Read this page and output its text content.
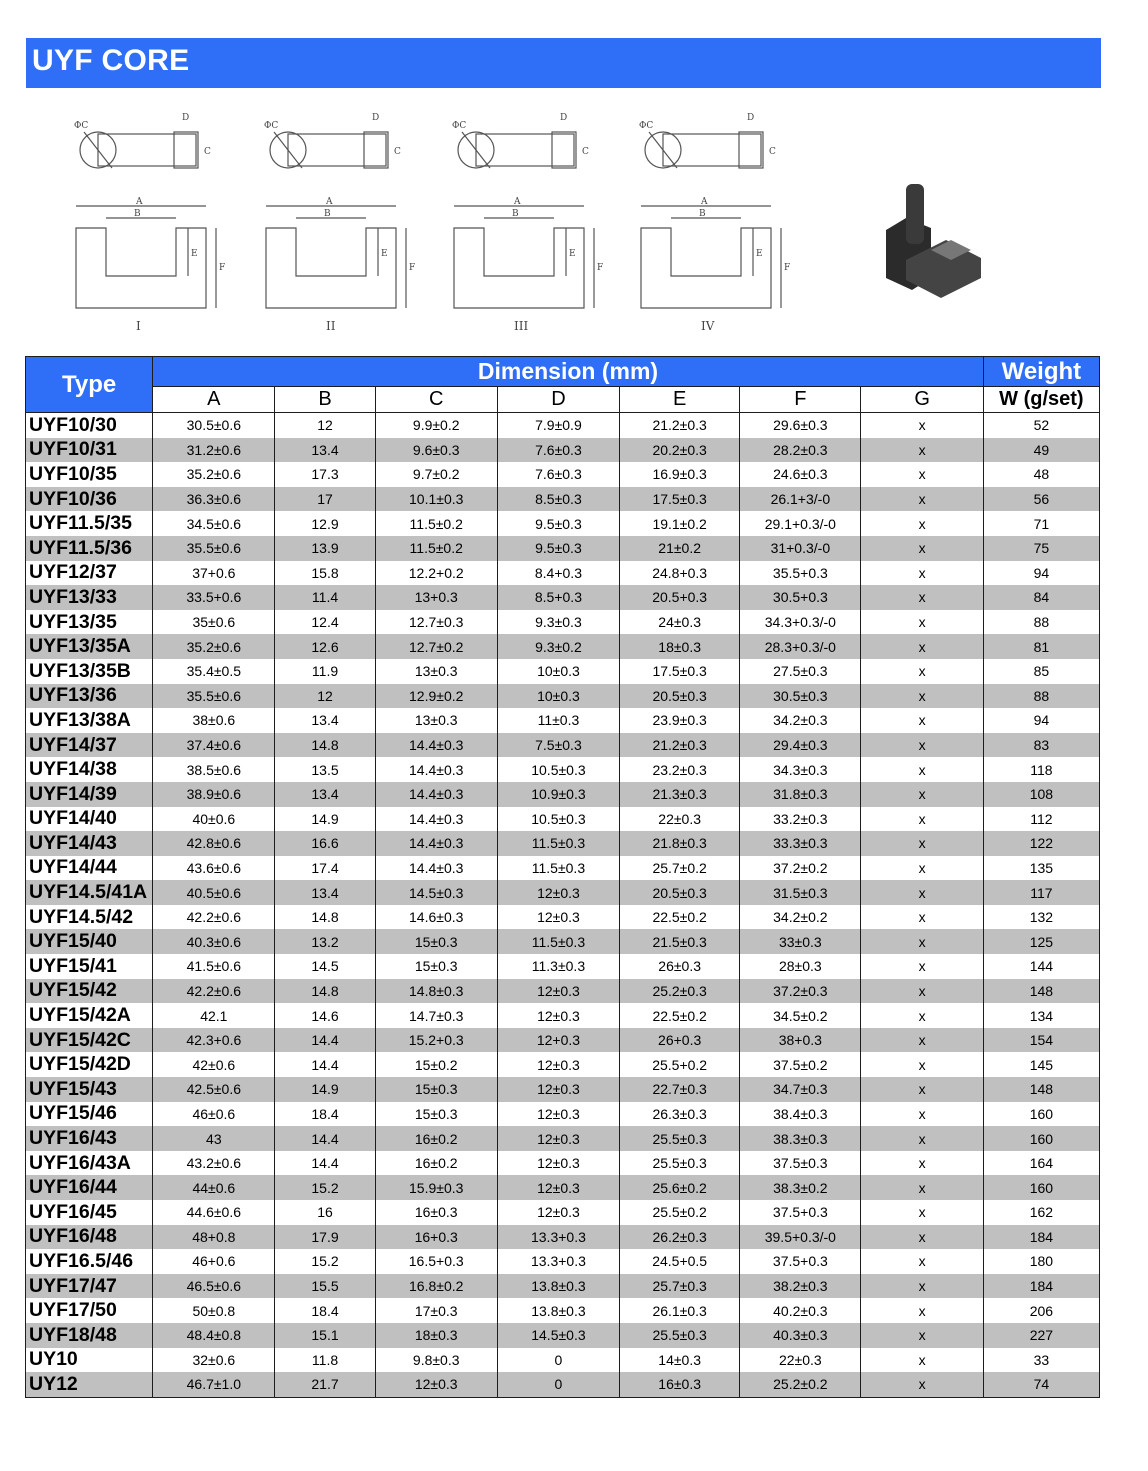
UYF CORE
ΦC
D
C
A
B
E
F
I
ΦC
D
C
A
B
E
F
II
ΦC
D
C
A
B
E
F
III
ΦC
D
C
A
B
E
F
IV
Type	Dimension (mm)							Weight
	A	B	C	D	E	F	G	W (g/set)
UYF10/30	30.5±0.6	12	9.9±0.2	7.9±0.9	21.2±0.3	29.6±0.3	x	52
UYF10/31	31.2±0.6	13.4	9.6±0.3	7.6±0.3	20.2±0.3	28.2±0.3	x	49
UYF10/35	35.2±0.6	17.3	9.7±0.2	7.6±0.3	16.9±0.3	24.6±0.3	x	48
UYF10/36	36.3±0.6	17	10.1±0.3	8.5±0.3	17.5±0.3	26.1+3/-0	x	56
UYF11.5/35	34.5±0.6	12.9	11.5±0.2	9.5±0.3	19.1±0.2	29.1+0.3/-0	x	71
UYF11.5/36	35.5±0.6	13.9	11.5±0.2	9.5±0.3	21±0.2	31+0.3/-0	x	75
UYF12/37	37+0.6	15.8	12.2+0.2	8.4+0.3	24.8+0.3	35.5+0.3	x	94
UYF13/33	33.5+0.6	11.4	13+0.3	8.5+0.3	20.5+0.3	30.5+0.3	x	84
UYF13/35	35±0.6	12.4	12.7±0.3	9.3±0.3	24±0.3	34.3+0.3/-0	x	88
UYF13/35A	35.2±0.6	12.6	12.7±0.2	9.3±0.2	18±0.3	28.3+0.3/-0	x	81
UYF13/35B	35.4±0.5	11.9	13±0.3	10±0.3	17.5±0.3	27.5±0.3	x	85
UYF13/36	35.5±0.6	12	12.9±0.2	10±0.3	20.5±0.3	30.5±0.3	x	88
UYF13/38A	38±0.6	13.4	13±0.3	11±0.3	23.9±0.3	34.2±0.3	x	94
UYF14/37	37.4±0.6	14.8	14.4±0.3	7.5±0.3	21.2±0.3	29.4±0.3	x	83
UYF14/38	38.5±0.6	13.5	14.4±0.3	10.5±0.3	23.2±0.3	34.3±0.3	x	118
UYF14/39	38.9±0.6	13.4	14.4±0.3	10.9±0.3	21.3±0.3	31.8±0.3	x	108
UYF14/40	40±0.6	14.9	14.4±0.3	10.5±0.3	22±0.3	33.2±0.3	x	112
UYF14/43	42.8±0.6	16.6	14.4±0.3	11.5±0.3	21.8±0.3	33.3±0.3	x	122
UYF14/44	43.6±0.6	17.4	14.4±0.3	11.5±0.3	25.7±0.2	37.2±0.2	x	135
UYF14.5/41A	40.5±0.6	13.4	14.5±0.3	12±0.3	20.5±0.3	31.5±0.3	x	117
UYF14.5/42	42.2±0.6	14.8	14.6±0.3	12±0.3	22.5±0.2	34.2±0.2	x	132
UYF15/40	40.3±0.6	13.2	15±0.3	11.5±0.3	21.5±0.3	33±0.3	x	125
UYF15/41	41.5±0.6	14.5	15±0.3	11.3±0.3	26±0.3	28±0.3	x	144
UYF15/42	42.2±0.6	14.8	14.8±0.3	12±0.3	25.2±0.3	37.2±0.3	x	148
UYF15/42A	42.1	14.6	14.7±0.3	12±0.3	22.5±0.2	34.5±0.2	x	134
UYF15/42C	42.3+0.6	14.4	15.2+0.3	12+0.3	26+0.3	38+0.3	x	154
UYF15/42D	42±0.6	14.4	15±0.2	12±0.3	25.5+0.2	37.5±0.2	x	145
UYF15/43	42.5±0.6	14.9	15±0.3	12±0.3	22.7±0.3	34.7±0.3	x	148
UYF15/46	46±0.6	18.4	15±0.3	12±0.3	26.3±0.3	38.4±0.3	x	160
UYF16/43	43	14.4	16±0.2	12±0.3	25.5±0.3	38.3±0.3	x	160
UYF16/43A	43.2±0.6	14.4	16±0.2	12±0.3	25.5±0.3	37.5±0.3	x	164
UYF16/44	44±0.6	15.2	15.9±0.3	12±0.3	25.6±0.2	38.3±0.2	x	160
UYF16/45	44.6±0.6	16	16±0.3	12±0.3	25.5±0.2	37.5+0.3	x	162
UYF16/48	48+0.8	17.9	16+0.3	13.3+0.3	26.2±0.3	39.5+0.3/-0	x	184
UYF16.5/46	46+0.6	15.2	16.5+0.3	13.3+0.3	24.5+0.5	37.5+0.3	x	180
UYF17/47	46.5±0.6	15.5	16.8±0.2	13.8±0.3	25.7±0.3	38.2±0.3	x	184
UYF17/50	50±0.8	18.4	17±0.3	13.8±0.3	26.1±0.3	40.2±0.3	x	206
UYF18/48	48.4±0.8	15.1	18±0.3	14.5±0.3	25.5±0.3	40.3±0.3	x	227
UY10	32±0.6	11.8	9.8±0.3	0	14±0.3	22±0.3	x	33
UY12	46.7±1.0	21.7	12±0.3	0	16±0.3	25.2±0.2	x	74
